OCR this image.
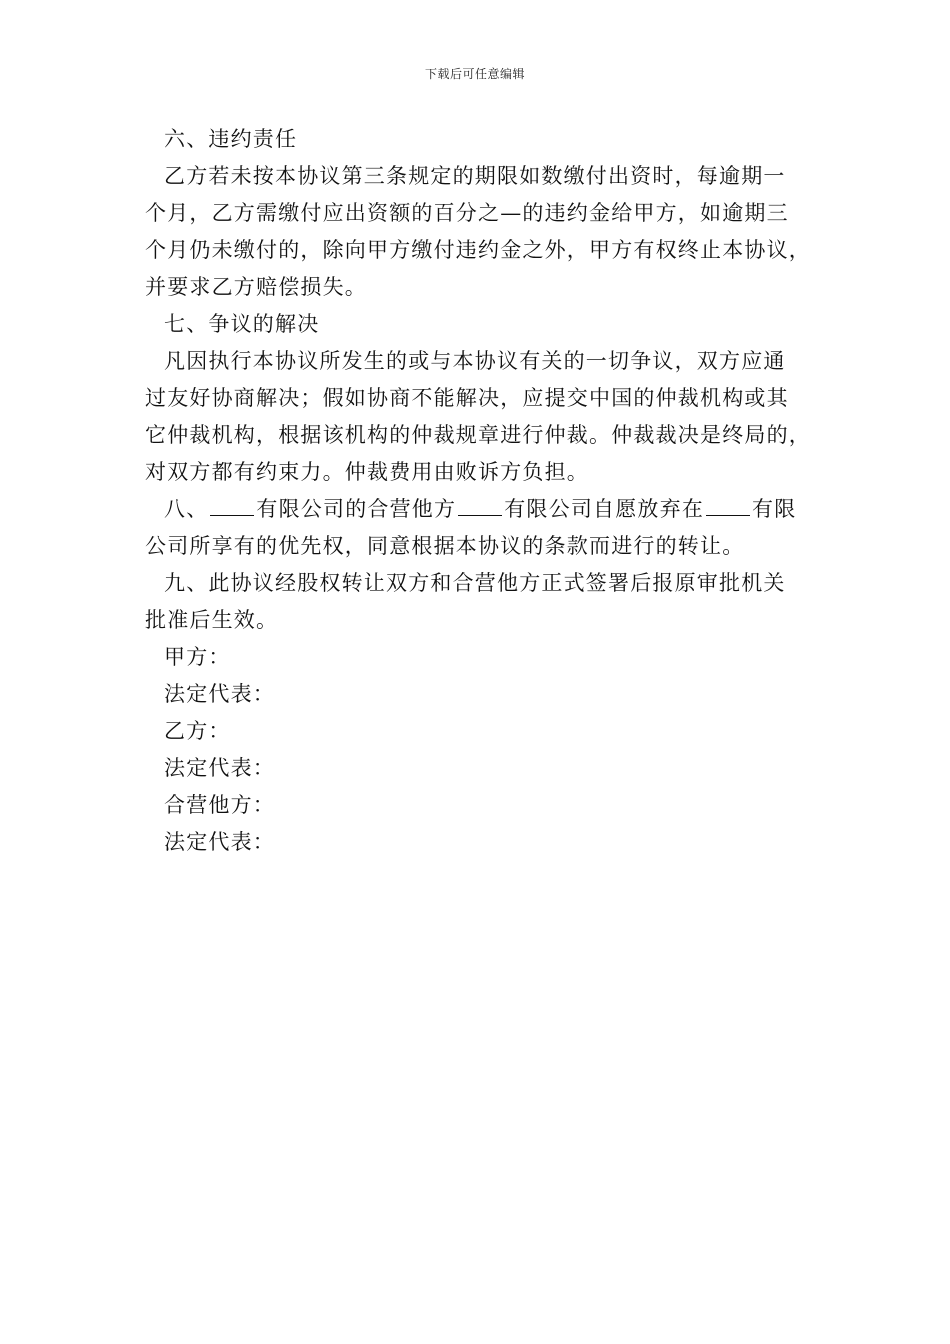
下载后可任意编辑
六、违约责任
乙方若未按本协议第三条规定的期限如数缴付出资时，每逾期一
个月，乙方需缴付应出资额的百分之—的违约金给甲方，如逾期三
个月仍未缴付的，除向甲方缴付违约金之外，甲方有权终止本协议，
并要求乙方赔偿损失。
七、争议的解决
凡因执行本协议所发生的或与本协议有关的一切争议，双方应通
过友好协商解决；假如协商不能解决，应提交中国的仲裁机构或其
它仲裁机构，根据该机构的仲裁规章进行仲裁。仲裁裁决是终局的，
对双方都有约束力。仲裁费用由败诉方负担。
八、 有限公司的合营他方 有限公司自愿放弃在 有限
公司所享有的优先权，同意根据本协议的条款而进行的转让。
九、此协议经股权转让双方和合营他方正式签署后报原审批机关
批准后生效。
甲方：
法定代表：
乙方：
法定代表：
合营他方：
法定代表：
